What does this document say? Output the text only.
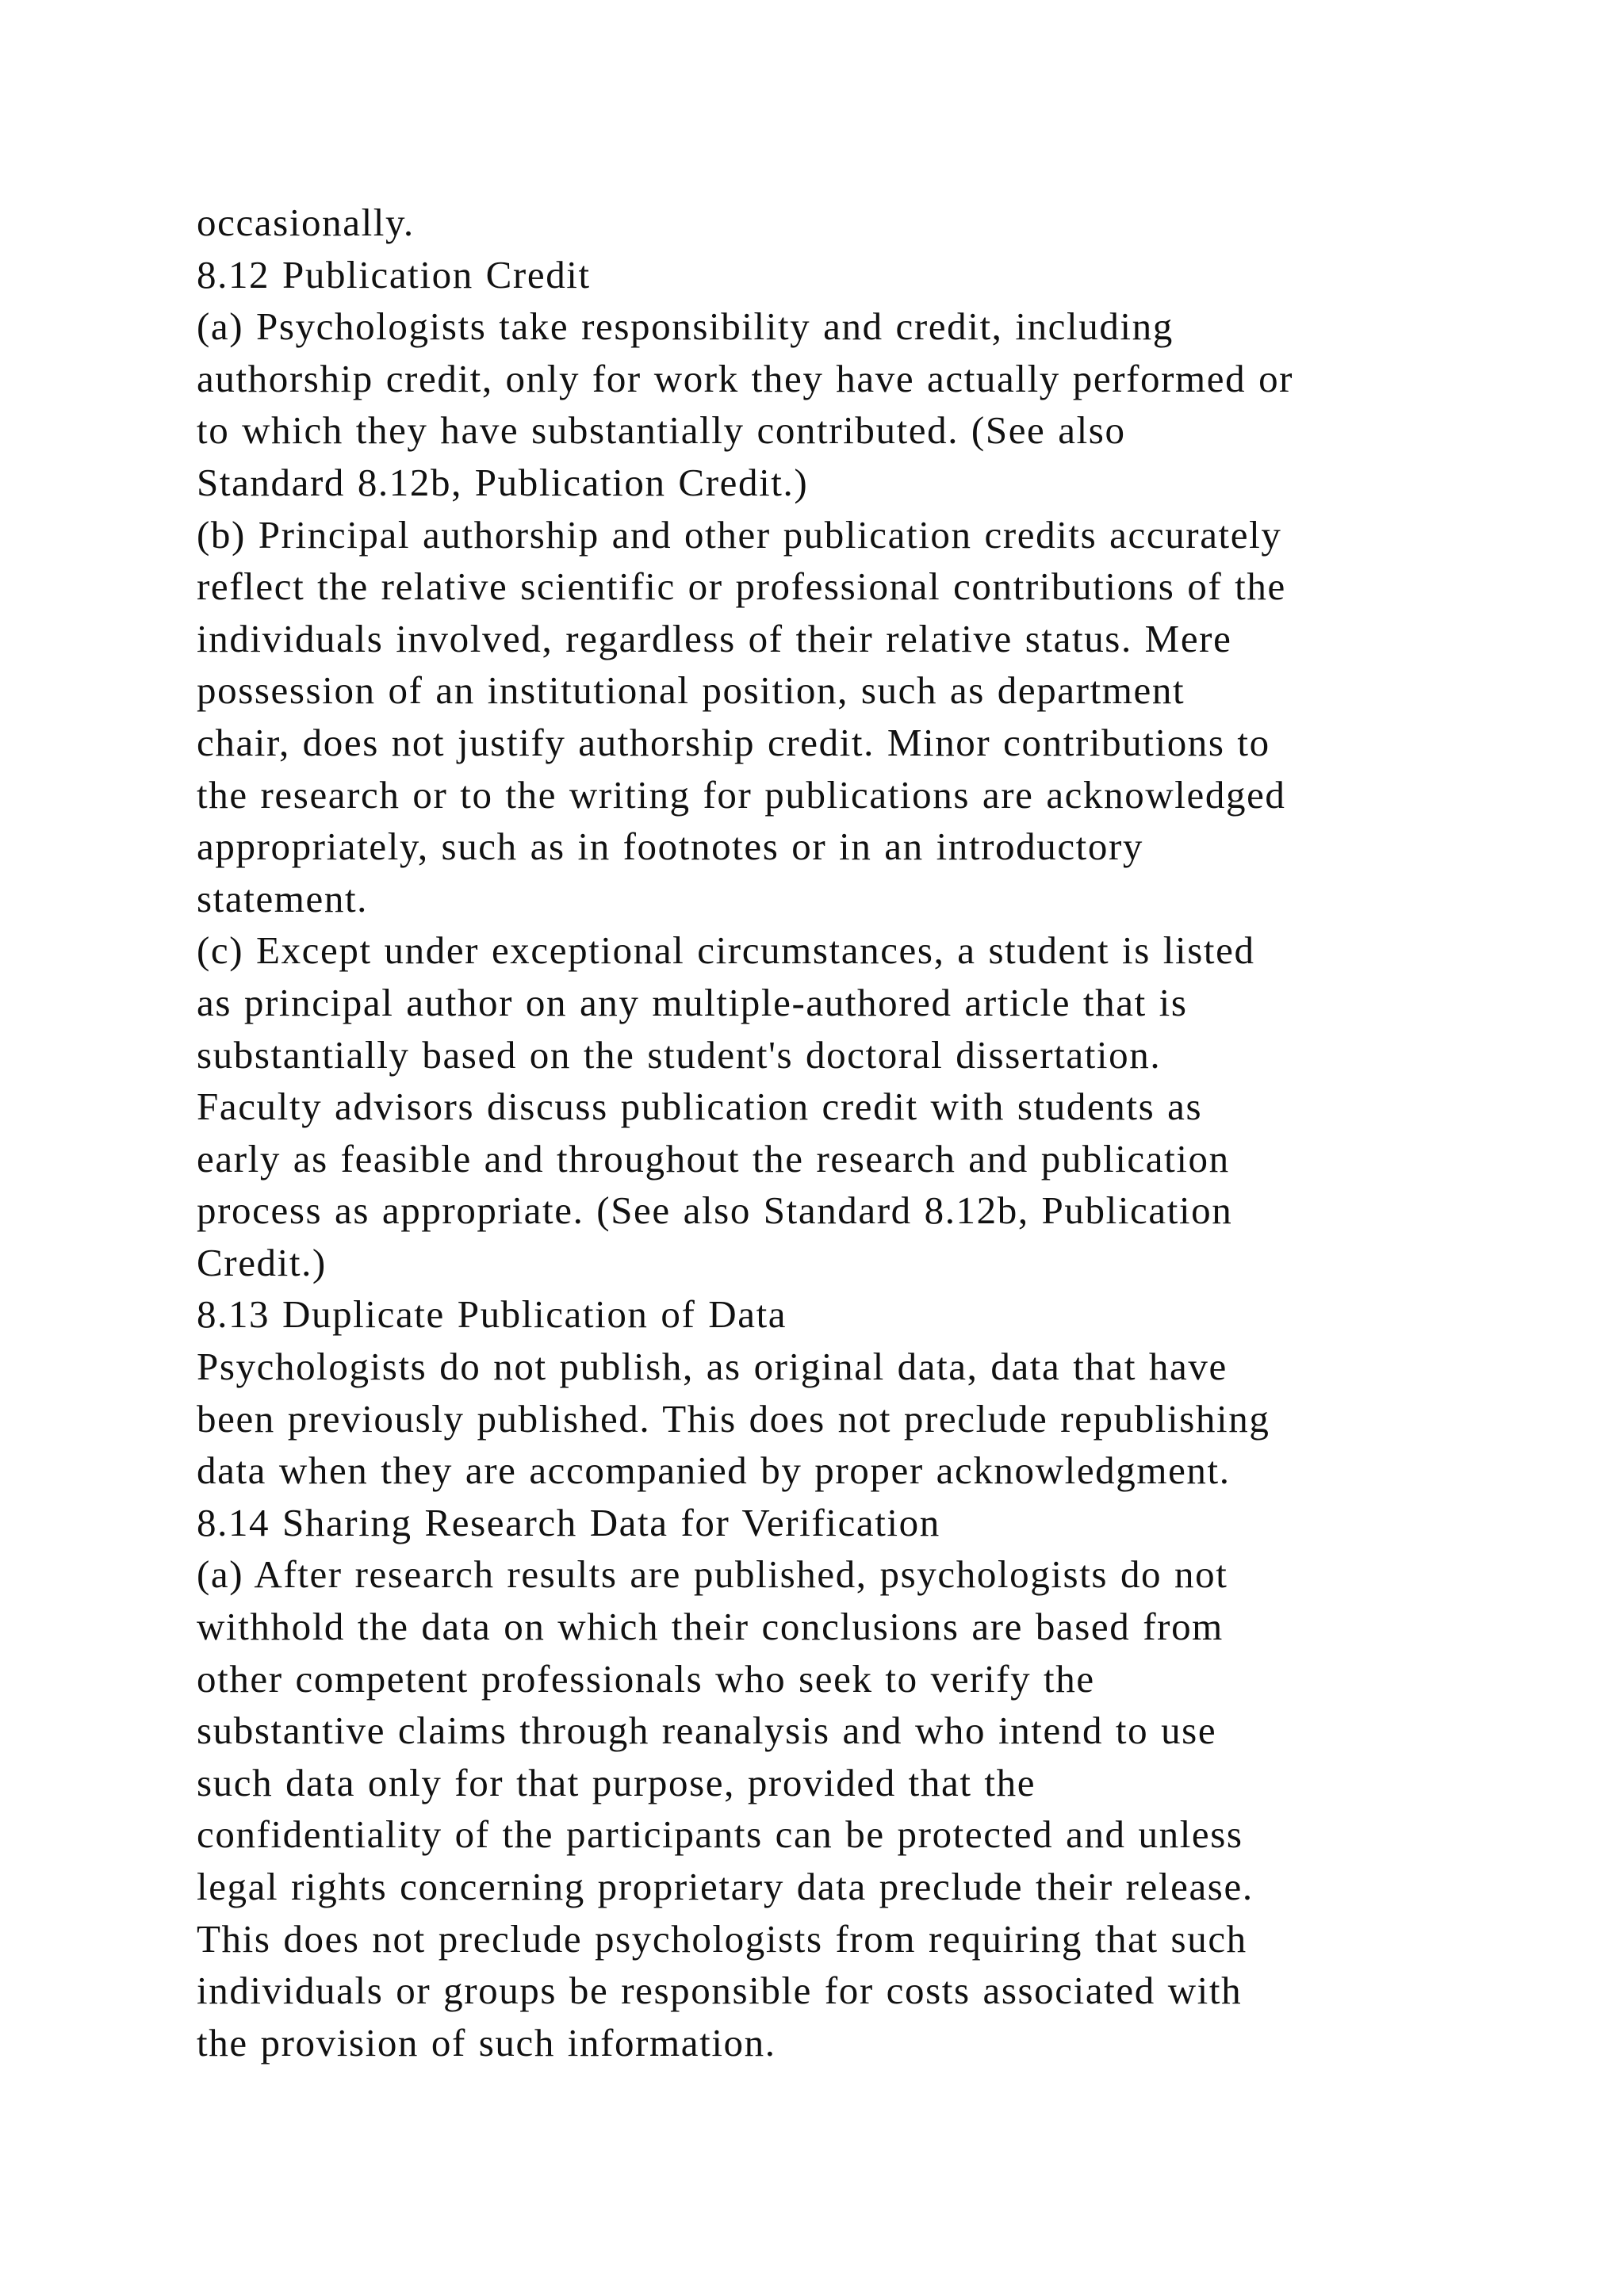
occasionally.
8.12 Publication Credit
(a) Psychologists take responsibility and credit, including
authorship credit, only for work they have actually performed or
to which they have substantially contributed. (See also
Standard 8.12b, Publication Credit.)
(b) Principal authorship and other publication credits accurately
reflect the relative scientific or professional contributions of the
individuals involved, regardless of their relative status. Mere
possession of an institutional position, such as department
chair, does not justify authorship credit. Minor contributions to
the research or to the writing for publications are acknowledged
appropriately, such as in footnotes or in an introductory
statement.
(c) Except under exceptional circumstances, a student is listed
as principal author on any multiple-authored article that is
substantially based on the student's doctoral dissertation.
Faculty advisors discuss publication credit with students as
early as feasible and throughout the research and publication
process as appropriate. (See also Standard 8.12b, Publication
Credit.)
8.13 Duplicate Publication of Data
Psychologists do not publish, as original data, data that have
been previously published. This does not preclude republishing
data when they are accompanied by proper acknowledgment.
8.14 Sharing Research Data for Verification
(a) After research results are published, psychologists do not
withhold the data on which their conclusions are based from
other competent professionals who seek to verify the
substantive claims through reanalysis and who intend to use
such data only for that purpose, provided that the
confidentiality of the participants can be protected and unless
legal rights concerning proprietary data preclude their release.
This does not preclude psychologists from requiring that such
individuals or groups be responsible for costs associated with
the provision of such information.
